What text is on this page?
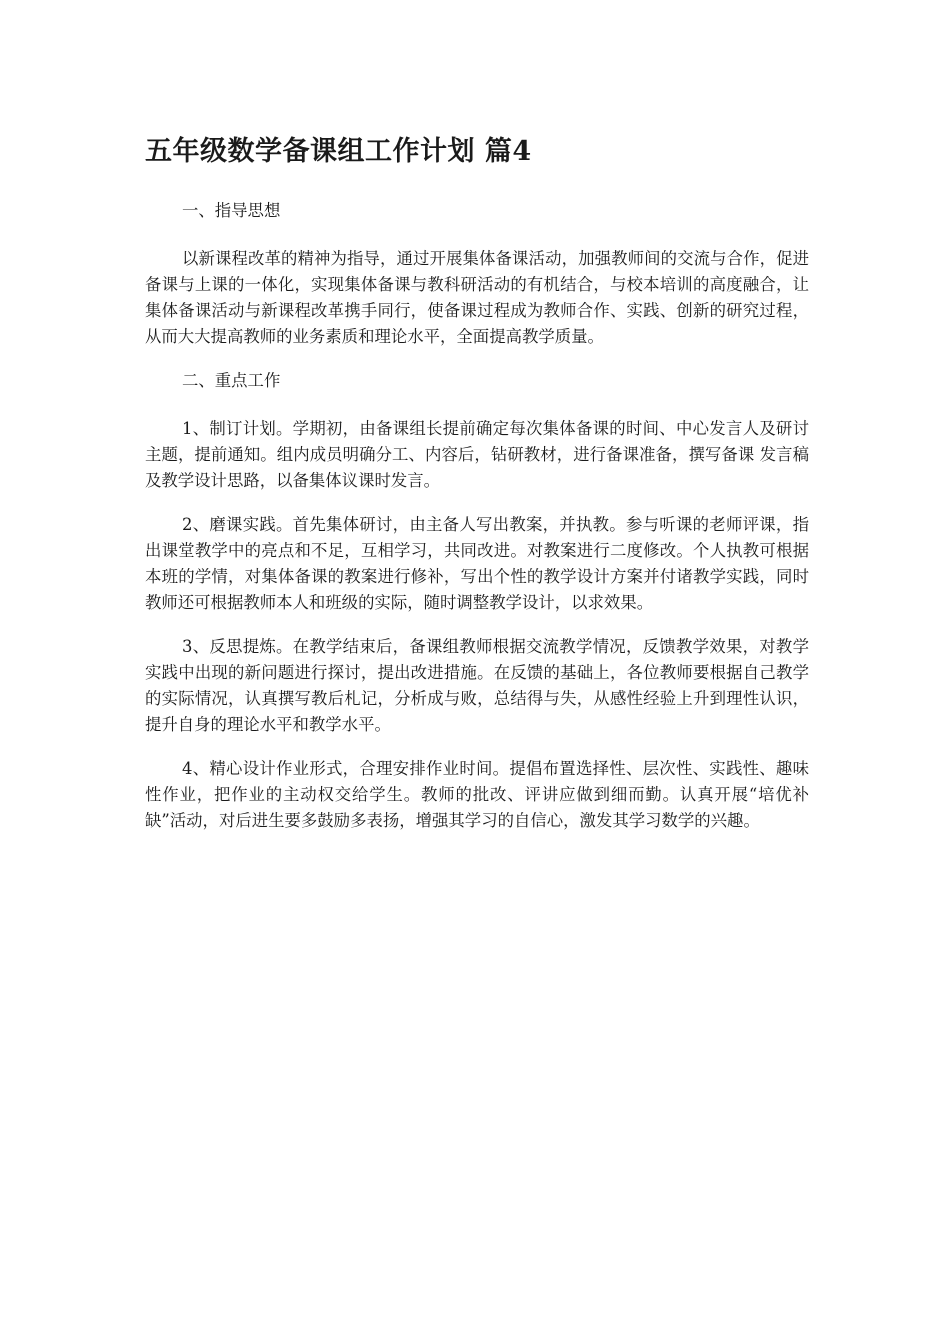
五年级数学备课组工作计划 篇4

一、指导思想

以新课程改革的精神为指导，通过开展集体备课活动，加强教师间的交流与合作，促进备课与上课的一体化，实现集体备课与教科研活动的有机结合，与校本培训的高度融合，让集体备课活动与新课程改革携手同行，使备课过程成为教师合作、实践、创新的研究过程，从而大大提高教师的业务素质和理论水平，全面提高教学质量。

二、重点工作

1、制订计划。学期初，由备课组长提前确定每次集体备课的时间、中心发言人及研讨主题，提前通知。组内成员明确分工、内容后，钻研教材，进行备课准备，撰写备课 发言稿 及教学设计思路，以备集体议课时发言。

2、磨课实践。首先集体研讨，由主备人写出教案，并执教。参与听课的老师评课，指出课堂教学中的亮点和不足，互相学习，共同改进。对教案进行二度修改。个人执教可根据本班的学情，对集体备课的教案进行修补，写出个性的教学设计方案并付诸教学实践，同时教师还可根据教师本人和班级的实际，随时调整教学设计，以求效果。

3、反思提炼。在教学结束后，备课组教师根据交流教学情况，反馈教学效果，对教学实践中出现的新问题进行探讨，提出改进措施。在反馈的基础上，各位教师要根据自己教学的实际情况，认真撰写教后札记，分析成与败，总结得与失，从感性经验上升到理性认识，提升自身的理论水平和教学水平。

4、精心设计作业形式，合理安排作业时间。提倡布置选择性、层次性、实践性、趣味性作业，把作业的主动权交给学生。教师的批改、评讲应做到细而勤。认真开展“培优补缺”活动，对后进生要多鼓励多表扬，增强其学习的自信心，激发其学习数学的兴趣。
